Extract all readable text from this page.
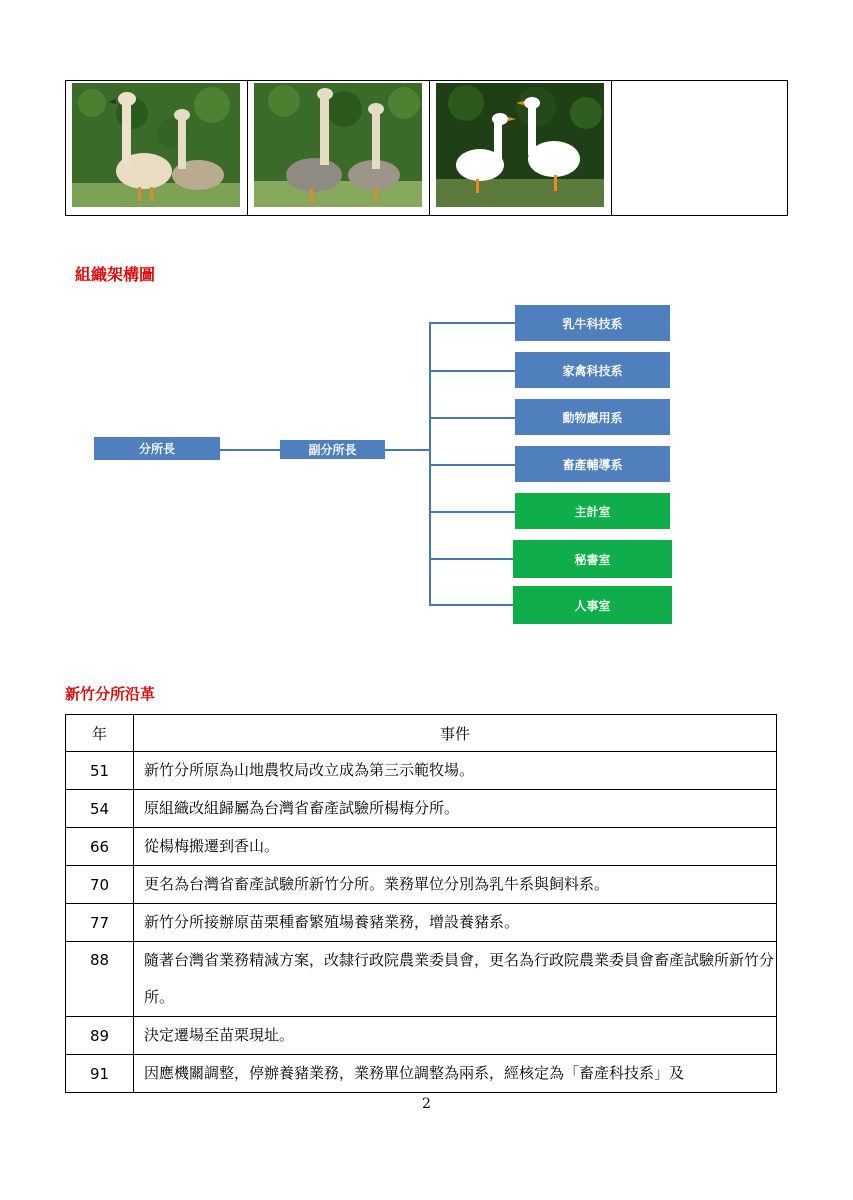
組織架構圖
分所長	副分所長
乳牛科技系
家禽科技系
動物應用系
畜產輔導系
主計室
秘書室
人事室
新竹分所沿革
年	事件
51	新竹分所原為山地農牧局改立成為第三示範牧場。
54	原組織改組歸屬為台灣省畜產試驗所楊梅分所。
66	從楊梅搬遷到香山。
70	更名為台灣省畜產試驗所新竹分所。業務單位分別為乳牛系與飼料系。
77	新竹分所接辦原苗栗種畜繁殖場養豬業務，增設養豬系。
88	隨著台灣省業務精減方案，改隸行政院農業委員會，更名為行政院農業委員會畜產試驗所新竹分所。
89	決定遷場至苗栗現址。
91	因應機關調整，停辦養豬業務，業務單位調整為兩系，經核定為「畜產科技系」及
2
